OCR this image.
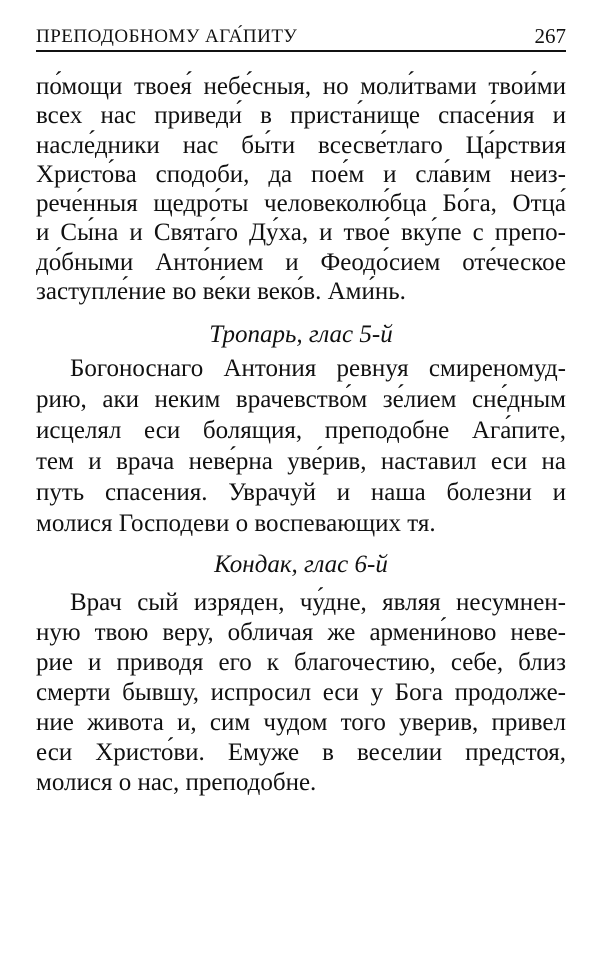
ПРЕПОДОБНОМУ АГА́ПИТУ	267
по́мощи твоея́ небе́сныя, но моли́твами твои́ми
всех нас приведи́ в приста́нище спасе́ния и
насле́дники нас бы́ти всесве́тлаго Ца́рствия
Христо́ва сподоби, да пое́м и сла́вим неиз-
рече́нныя щедро́ты человеколю́бца Бо́га, Отца́
и Сы́на и Свята́го Ду́ха, и твое́ вку́пе с препо-
до́бными Анто́нием и Феодо́сием оте́ческое
заступле́ние во ве́ки веко́в. Ами́нь.
Тропарь, глас 5-й
Богоноснаго Антония ревнуя смиреномуд-
рию, аки неким врачевство́м зе́лием сне́дным
исцелял еси болящия, преподобне Ага́пите,
тем и врача неве́рна уве́рив, наставил еси на
путь спасения. Уврачуй и наша болезни и
молися Господеви о воспевающих тя.
Кондак, глас 6-й
Врач сый изряден, чу́дне, являя несумнен-
ную твою веру, обличая же армени́ново неве-
рие и приводя его к благочестию, себе, близ
смерти бывшу, испросил еси у Бога продолже-
ние живота и, сим чудом того уверив, привел
еси Христо́ви. Емуже в веселии предстоя,
молися о нас, преподобне.
